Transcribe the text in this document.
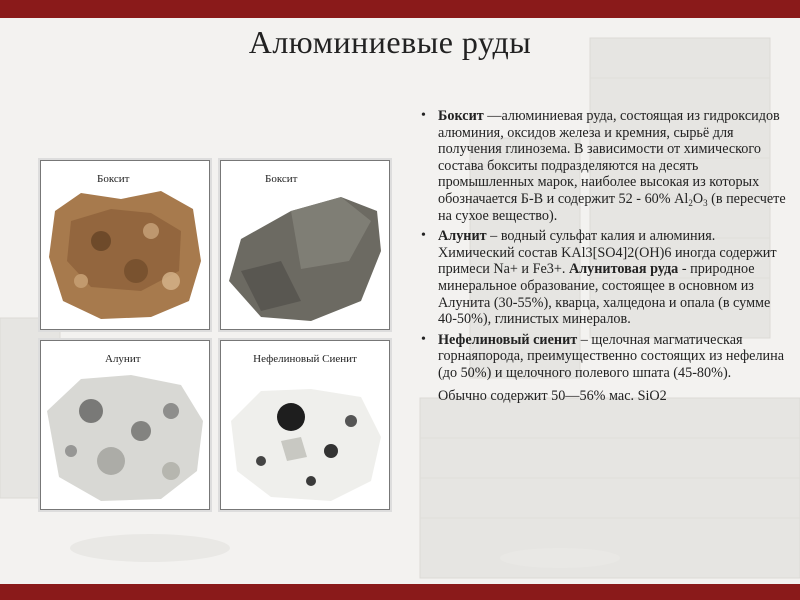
Алюминиевые руды
Боксит	Боксит
Алунит	Нефелиновый Сиенит
• Боксит —алюминиевая руда, состоящая из гидроксидов алюминия, оксидов железа и кремния, сырьё для получения глинозема. В зависимости от химического состава бокситы подразделяются на десять промышленных марок, наиболее высокая из которых обозначается Б-В и содержит 52 - 60% $Al_2O_3$ (в пересчете на сухое вещество).
• Алунит – водный сульфат калия и алюминия. Химический состав KAl3[SO4]2(OH)6 иногда содержит примеси Na+ и Fe3+. Алунитовая руда - природное минеральное образование, состоящее в основном из Алунита (30-55%), кварца, халцедона и опала (в сумме 40-50%), глинистых минералов.
• Нефелиновый сиенит – щелочная магматическая горнаяпорода, преимущественно состоящих из нефелина (до 50%) и щелочного полевого шпата (45-80%).
Обычно содержит 50—56% мас. SiO2
